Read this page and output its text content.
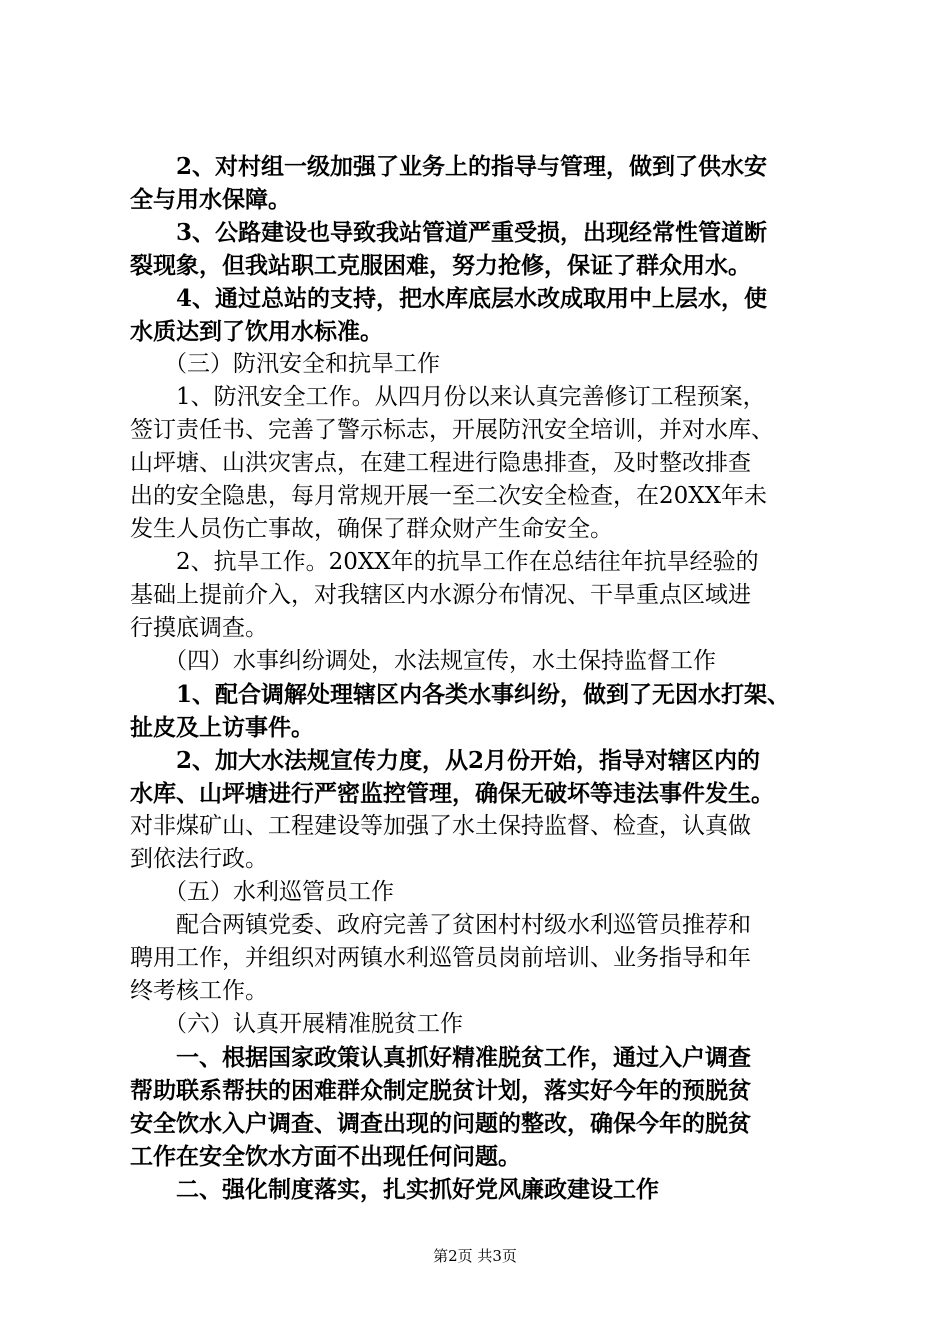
2、对村组一级加强了业务上的指导与管理，做到了供水安
全与用水保障。
3、公路建设也导致我站管道严重受损，出现经常性管道断
裂现象，但我站职工克服困难，努力抢修，保证了群众用水。
4、通过总站的支持，把水库底层水改成取用中上层水，使
水质达到了饮用水标准。
（三）防汛安全和抗旱工作
1、防汛安全工作。从四月份以来认真完善修订工程预案，
签订责任书、完善了警示标志，开展防汛安全培训，并对水库、
山坪塘、山洪灾害点，在建工程进行隐患排查，及时整改排查
出的安全隐患，每月常规开展一至二次安全检查，在20XX年未
发生人员伤亡事故，确保了群众财产生命安全。
2、抗旱工作。20XX年的抗旱工作在总结往年抗旱经验的
基础上提前介入，对我辖区内水源分布情况、干旱重点区域进
行摸底调查。
（四）水事纠纷调处，水法规宣传，水土保持监督工作
1、配合调解处理辖区内各类水事纠纷，做到了无因水打架、
扯皮及上访事件。
2、加大水法规宣传力度，从2月份开始，指导对辖区内的
水库、山坪塘进行严密监控管理，确保无破坏等违法事件发生。
对非煤矿山、工程建设等加强了水土保持监督、检查，认真做
到依法行政。
（五）水利巡管员工作
配合两镇党委、政府完善了贫困村村级水利巡管员推荐和
聘用工作，并组织对两镇水利巡管员岗前培训、业务指导和年
终考核工作。
（六）认真开展精准脱贫工作
一、根据国家政策认真抓好精准脱贫工作，通过入户调查
帮助联系帮扶的困难群众制定脱贫计划，落实好今年的预脱贫
安全饮水入户调查、调查出现的问题的整改，确保今年的脱贫
工作在安全饮水方面不出现任何问题。
二、强化制度落实，扎实抓好党风廉政建设工作
第2页 共3页
